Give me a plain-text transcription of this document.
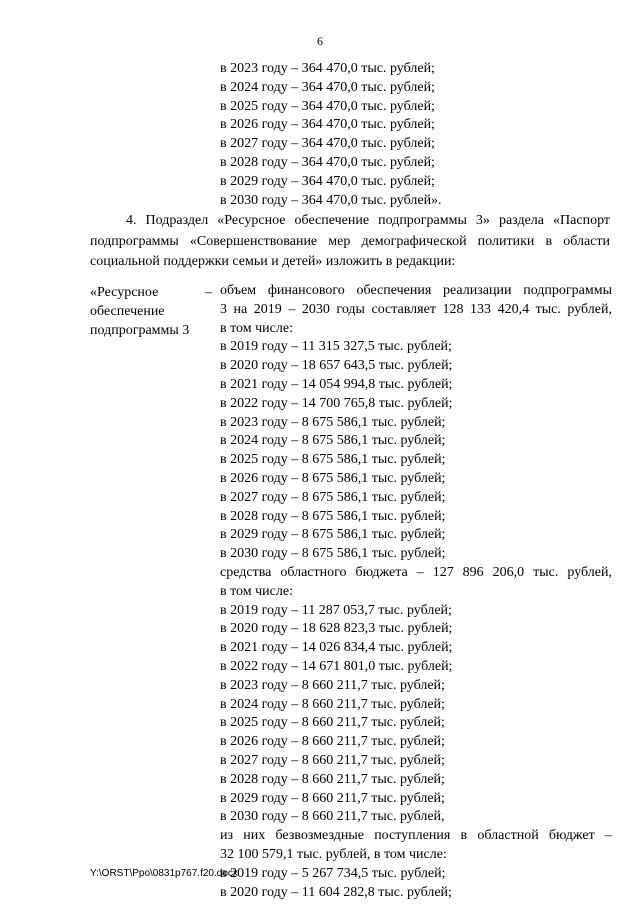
6
в 2023 году – 364 470,0 тыс. рублей;
в 2024 году – 364 470,0 тыс. рублей;
в 2025 году – 364 470,0 тыс. рублей;
в 2026 году – 364 470,0 тыс. рублей;
в 2027 году – 364 470,0 тыс. рублей;
в 2028 году – 364 470,0 тыс. рублей;
в 2029 году – 364 470,0 тыс. рублей;
в 2030 году – 364 470,0 тыс. рублей».

4. Подраздел «Ресурсное обеспечение подпрограммы 3» раздела «Паспорт подпрограммы «Совершенствование мер демографической политики в области социальной поддержки семьи и детей» изложить в редакции:

«Ресурсное
обеспечение
подпрограммы 3
– объем финансового обеспечения реализации подпрограммы
3 на 2019 – 2030 годы составляет 128 133 420,4 тыс. рублей,
в том числе:
в 2019 году – 11 315 327,5 тыс. рублей;
в 2020 году – 18 657 643,5 тыс. рублей;
в 2021 году – 14 054 994,8 тыс. рублей;
в 2022 году – 14 700 765,8 тыс. рублей;
в 2023 году – 8 675 586,1 тыс. рублей;
в 2024 году – 8 675 586,1 тыс. рублей;
в 2025 году – 8 675 586,1 тыс. рублей;
в 2026 году – 8 675 586,1 тыс. рублей;
в 2027 году – 8 675 586,1 тыс. рублей;
в 2028 году – 8 675 586,1 тыс. рублей;
в 2029 году – 8 675 586,1 тыс. рублей;
в 2030 году – 8 675 586,1 тыс. рублей;
средства областного бюджета – 127 896 206,0 тыс. рублей,
в том числе:
в 2019 году – 11 287 053,7 тыс. рублей;
в 2020 году – 18 628 823,3 тыс. рублей;
в 2021 году – 14 026 834,4 тыс. рублей;
в 2022 году – 14 671 801,0 тыс. рублей;
в 2023 году – 8 660 211,7 тыс. рублей;
в 2024 году – 8 660 211,7 тыс. рублей;
в 2025 году – 8 660 211,7 тыс. рублей;
в 2026 году – 8 660 211,7 тыс. рублей;
в 2027 году – 8 660 211,7 тыс. рублей;
в 2028 году – 8 660 211,7 тыс. рублей;
в 2029 году – 8 660 211,7 тыс. рублей;
в 2030 году – 8 660 211,7 тыс. рублей,
из них безвозмездные поступления в областной бюджет –
32 100 579,1 тыс. рублей, в том числе:
в 2019 году – 5 267 734,5 тыс. рублей;
в 2020 году – 11 604 282,8 тыс. рублей;
Y:\ORST\Ppo\0831p767.f20.docx
